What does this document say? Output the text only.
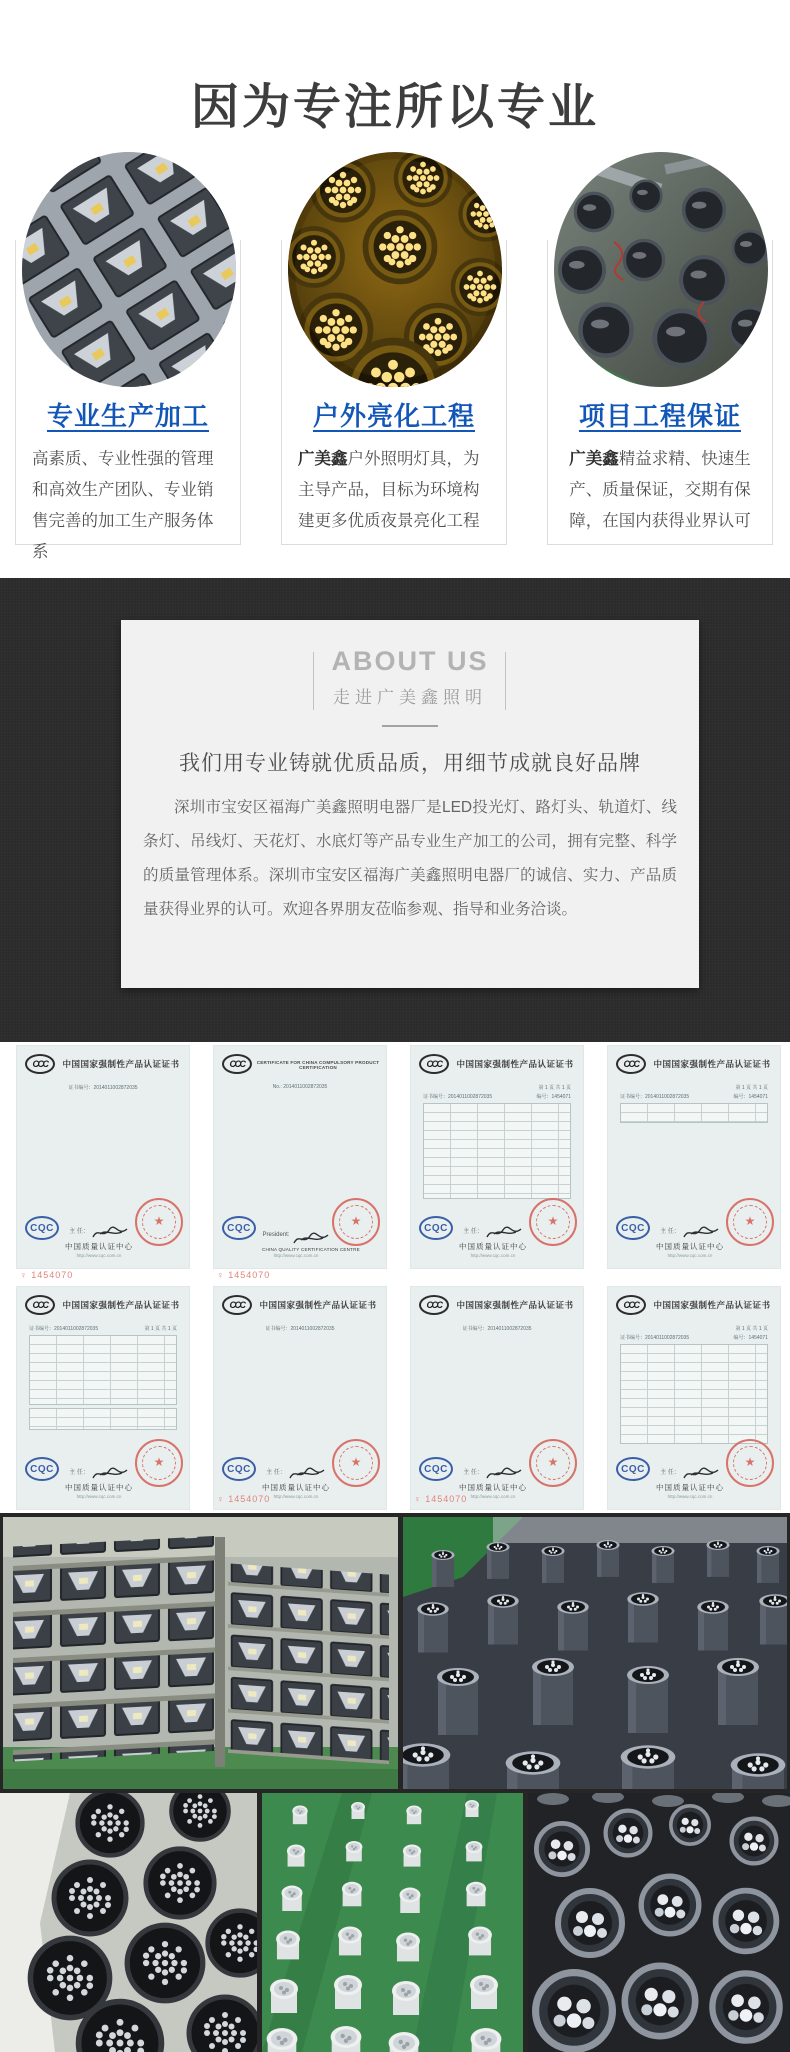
因为专注所以专业
专业生产加工
高素质、专业性强的管理和高效生产团队、专业销售完善的加工生产服务体系
户外亮化工程
广美鑫户外照明灯具，为主导产品，目标为环境构建更多优质夜景亮化工程
项目工程保证
广美鑫精益求精、快速生产、质量保证，交期有保障，在国内获得业界认可
ABOUT US
走进广美鑫照明
我们用专业铸就优质品质，用细节成就良好品牌

深圳市宝安区福海广美鑫照明电器厂是LED投光灯、路灯头、轨道灯、线条灯、吊线灯、天花灯、水底灯等产品专业生产加工的公司，拥有完整、科学的质量管理体系。深圳市宝安区福海广美鑫照明电器厂的诚信、实力、产品质量获得业界的认可。欢迎各界朋友莅临参观、指导和业务洽谈。

CCC	中国国家强制性产品认证证书
证书编号：2014011002872035
CQC	主 任：
中国质量认证中心
http://www.cqc.com.cn
★
CCC	CERTIFICATE FOR CHINA COMPULSORY PRODUCT CERTIFICATION
No.: 2014011002872035
CQC
President:
CHINA QUALITY CERTIFICATION CENTRE
http://www.cqc.com.cn
★
CCC	中国国家强制性产品认证证书
第 1 页 共 1 页
证书编号：2014011002872035	编号：1454071
CQC	主 任：
中国质量认证中心
http://www.cqc.com.cn
★
CCC	中国国家强制性产品认证证书
第 1 页 共 1 页
证书编号：2014011002872035	编号：1454071
CQC	主 任：
中国质量认证中心
http://www.cqc.com.cn
★
CCC	中国国家强制性产品认证证书
证书编号：2014011002872035	第 1 页 共 1 页
CQC	主 任：
中国质量认证中心
http://www.cqc.com.cn
★
CCC	中国国家强制性产品认证证书
证书编号：2014011002872035
CQC	主 任：
中国质量认证中心
http://www.cqc.com.cn
★
CCC	中国国家强制性产品认证证书
证书编号：2014011002872035
CQC	主 任：
中国质量认证中心
http://www.cqc.com.cn
★
CCC	中国国家强制性产品认证证书
第 1 页 共 1 页
证书编号：2014011002872035	编号：1454071
CQC	主 任：
中国质量认证中心
http://www.cqc.com.cn
★
♀ 1454070	♀ 1454070
♀ 1454070	♀ 1454070
